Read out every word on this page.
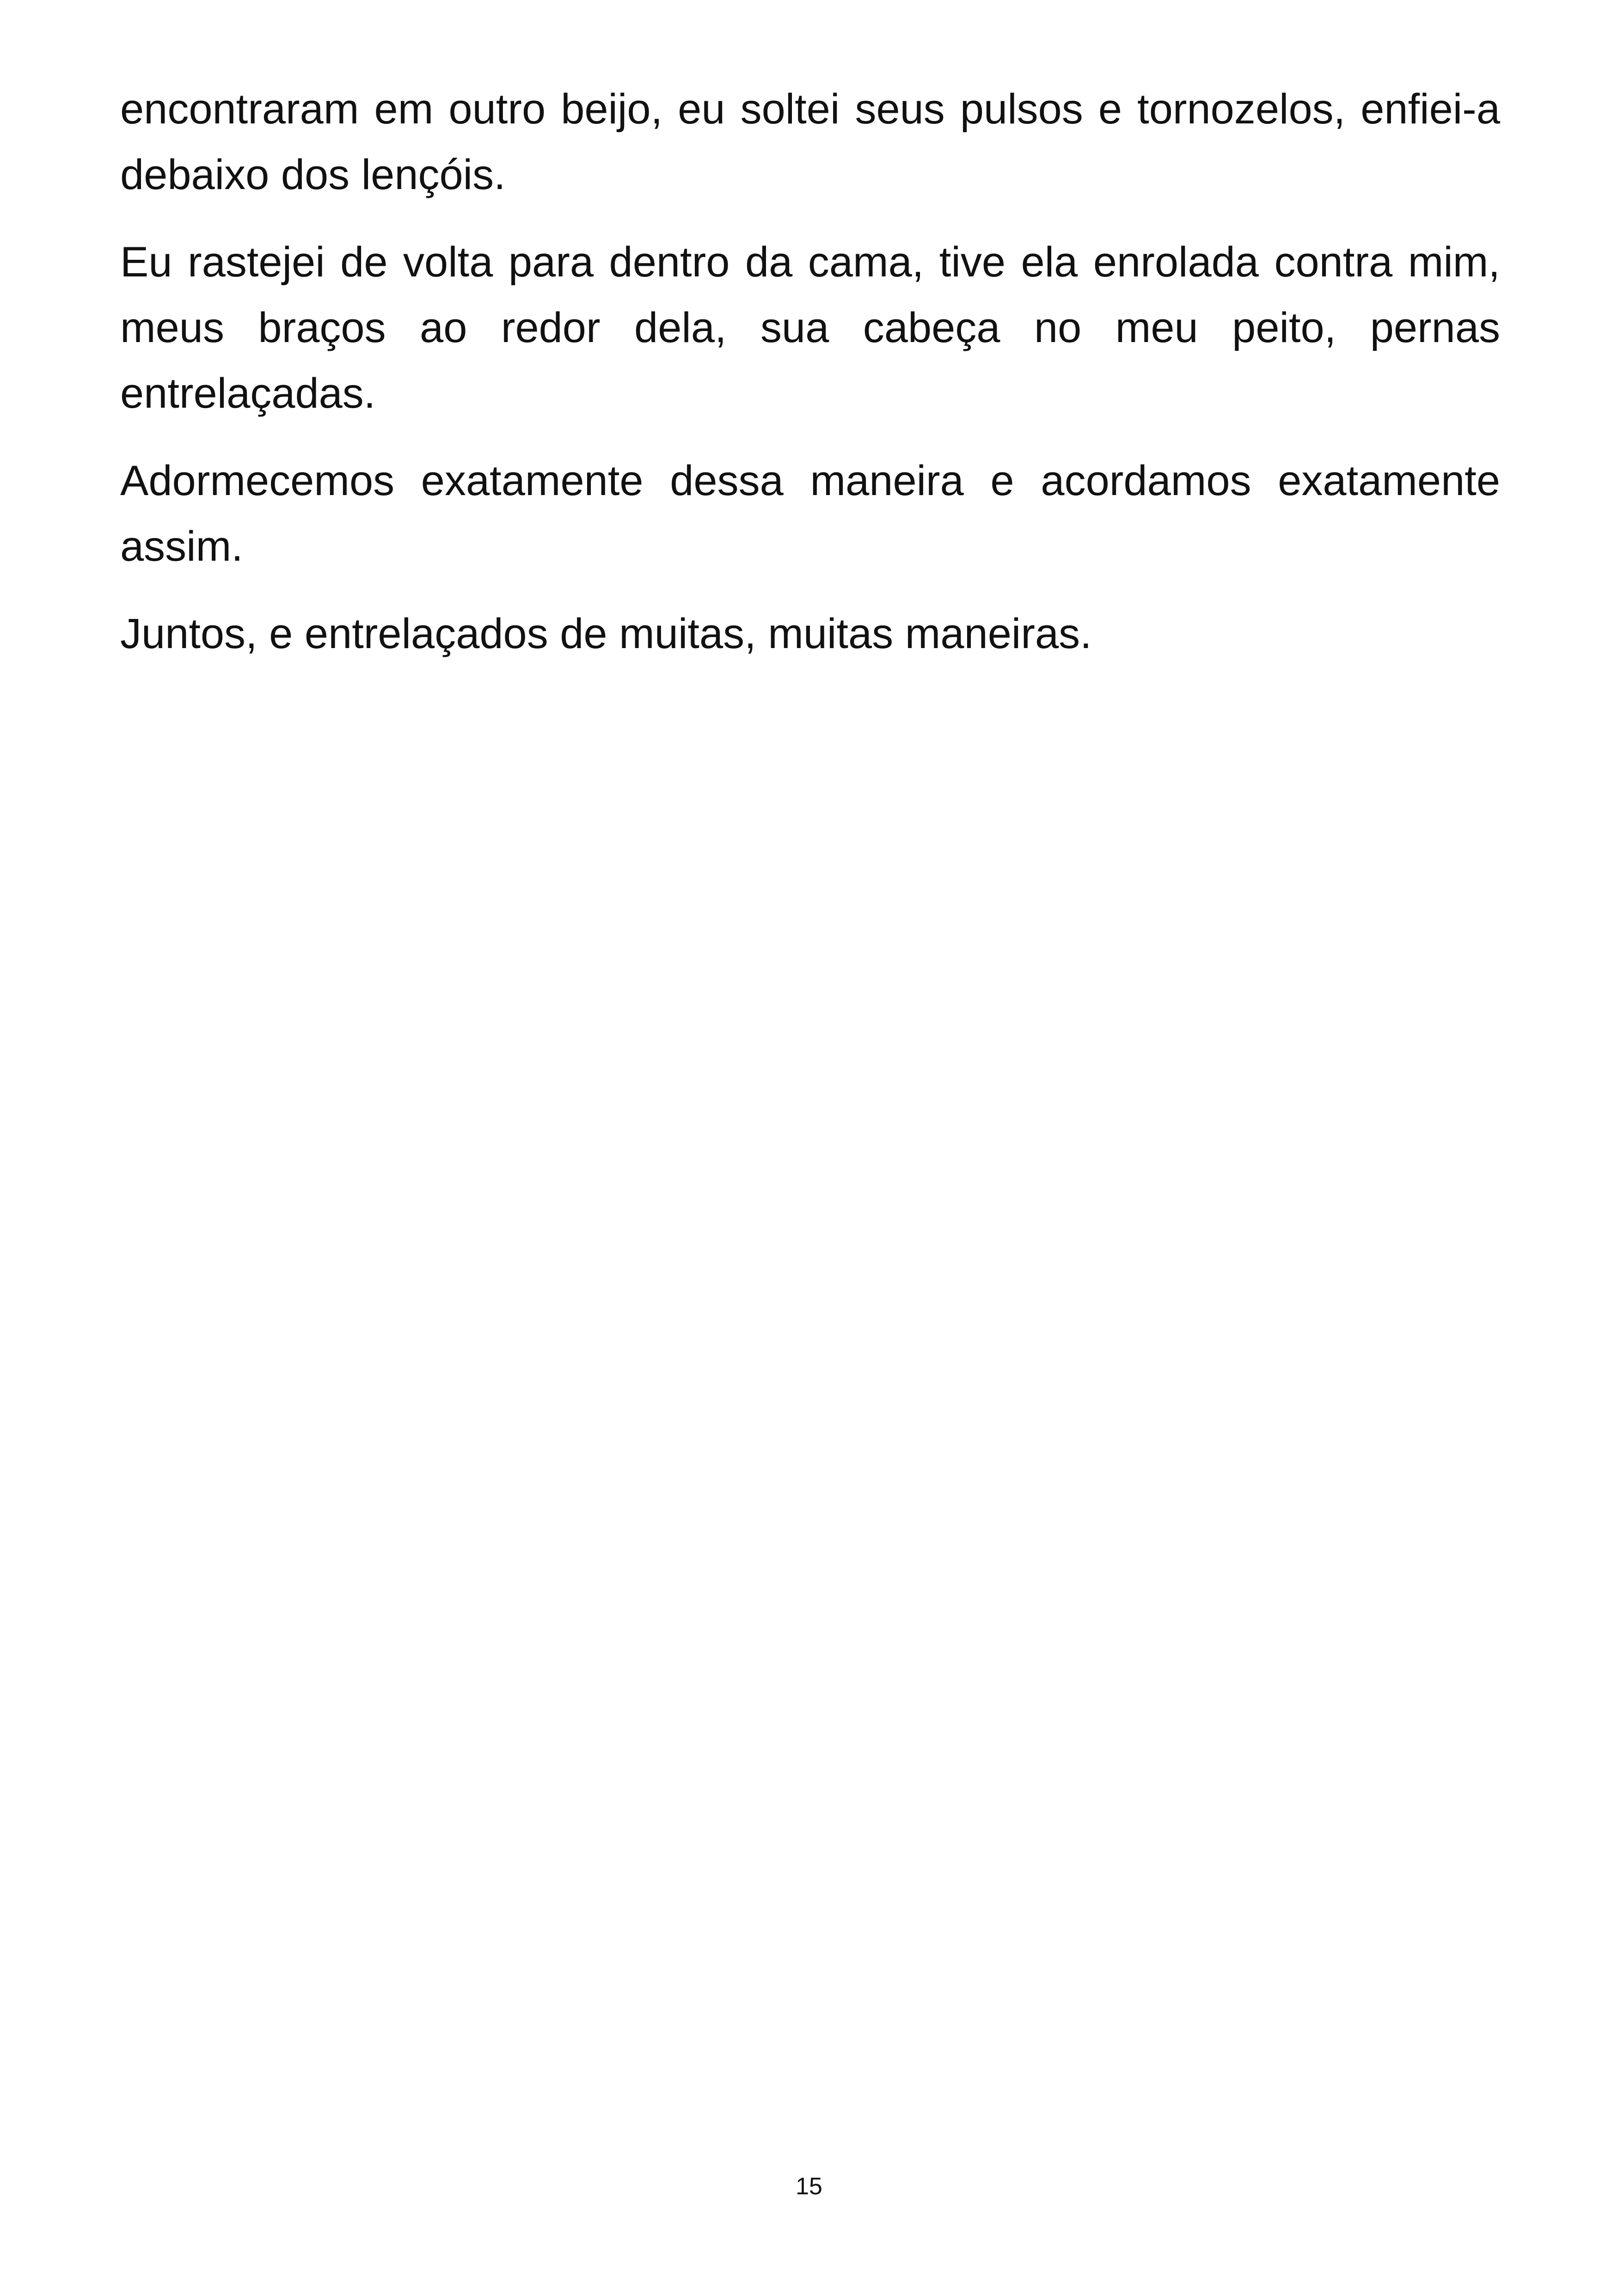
encontraram em outro beijo, eu soltei seus pulsos e tornozelos, enfiei-a debaixo dos lençóis.

Eu rastejei de volta para dentro da cama, tive ela enrolada contra mim, meus braços ao redor dela, sua cabeça no meu peito, pernas entrelaçadas.

Adormecemos exatamente dessa maneira e acordamos exatamente assim.

Juntos, e entrelaçados de muitas, muitas maneiras.

15
